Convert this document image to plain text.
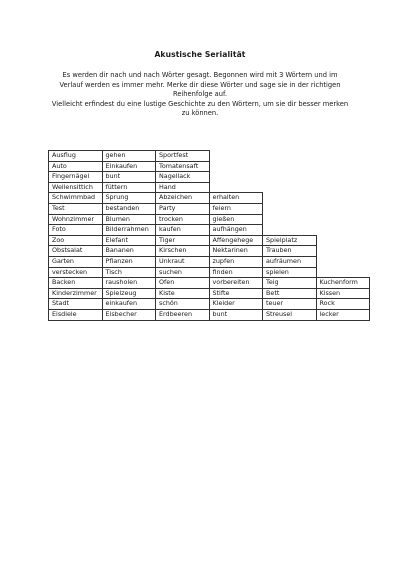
Akustische Serialität

Es werden dir nach und nach Wörter gesagt. Begonnen wird mit 3 Wörtern und im Verlauf werden es immer mehr. Merke dir diese Wörter und sage sie in der richtigen Reihenfolge auf.

Vielleicht erfindest du eine lustige Geschichte zu den Wörtern, um sie dir besser merken zu können.

Ausflug	gehen	Sportfest			
Auto	Einkaufen	Tomatensaft			
Fingernägel	bunt	Nagellack			
Wellensittich	füttern	Hand			
Schwimmbad	Sprung	Abzeichen	erhalten		
Test	bestanden	Party	feiern		
Wohnzimmer	Blumen	trocken	gießen		
Foto	Bilderrahmen	kaufen	aufhängen		
Zoo	Elefant	Tiger	Affengehege	Spielplatz	
Obstsalat	Bananen	Kirschen	Nektarinen	Trauben	
Garten	Pflanzen	Unkraut	zupfen	aufräumen	
verstecken	Tisch	suchen	finden	spielen	
Backen	rausholen	Ofen	vorbereiten	Teig	Kuchenform
Kinderzimmer	Spielzeug	Kiste	Stifte	Bett	Kissen
Stadt	einkaufen	schön	Kleider	teuer	Rock
Eisdiele	Eisbecher	Erdbeeren	bunt	Streusel	lecker
